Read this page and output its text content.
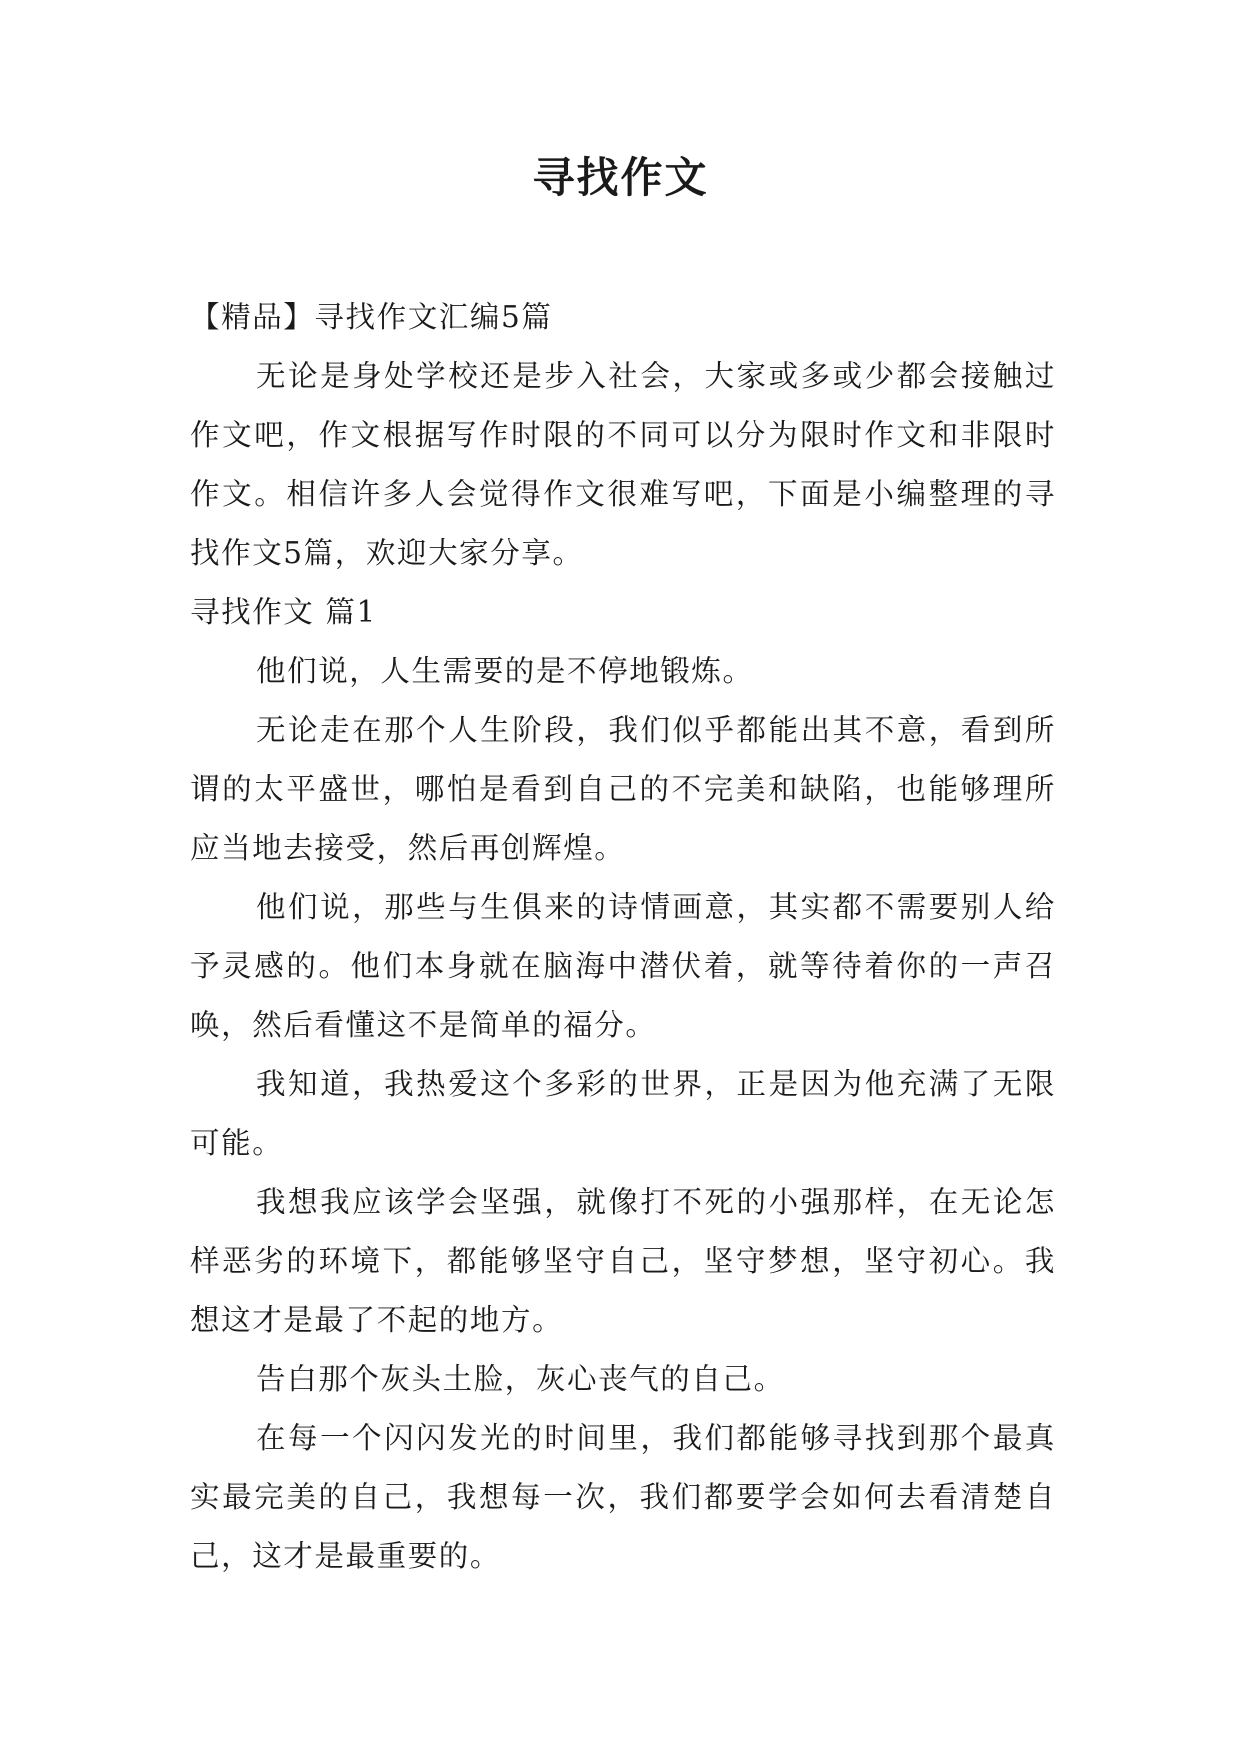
寻找作文

【精品】寻找作文汇编5篇

无论是身处学校还是步入社会，大家或多或少都会接触过作文吧，作文根据写作时限的不同可以分为限时作文和非限时作文。相信许多人会觉得作文很难写吧，下面是小编整理的寻找作文5篇，欢迎大家分享。

寻找作文 篇1

他们说，人生需要的是不停地锻炼。

无论走在那个人生阶段，我们似乎都能出其不意，看到所谓的太平盛世，哪怕是看到自己的不完美和缺陷，也能够理所应当地去接受，然后再创辉煌。

他们说，那些与生俱来的诗情画意，其实都不需要别人给予灵感的。他们本身就在脑海中潜伏着，就等待着你的一声召唤，然后看懂这不是简单的福分。

我知道，我热爱这个多彩的世界，正是因为他充满了无限可能。

我想我应该学会坚强，就像打不死的小强那样，在无论怎样恶劣的环境下，都能够坚守自己，坚守梦想，坚守初心。我想这才是最了不起的地方。

告白那个灰头土脸，灰心丧气的自己。

在每一个闪闪发光的时间里，我们都能够寻找到那个最真实最完美的自己，我想每一次，我们都要学会如何去看清楚自己，这才是最重要的。
